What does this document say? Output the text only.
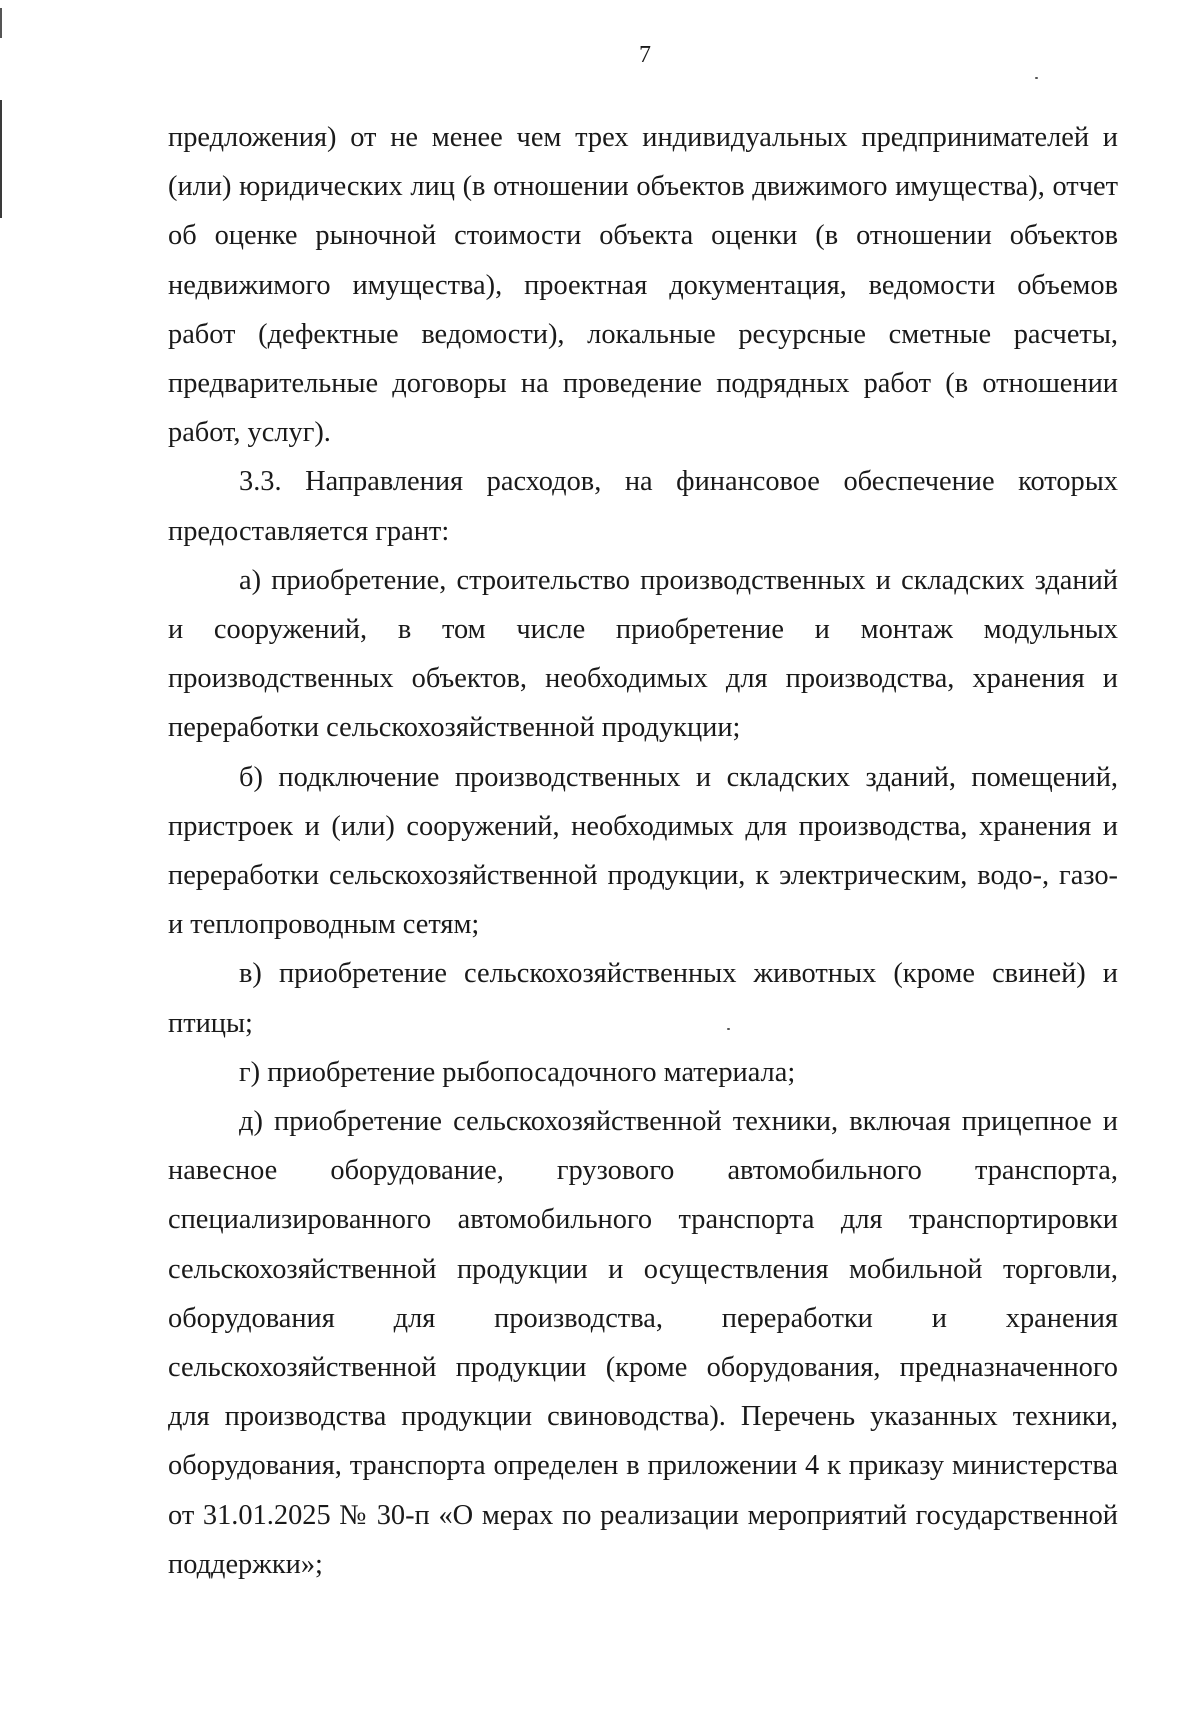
7

предложения) от не менее чем трех индивидуальных предпринимателей и (или) юридических лиц (в отношении объектов движимого имущества), отчет об оценке рыночной стоимости объекта оценки (в отношении объектов недвижимого имущества), проектная документация, ведомости объемов работ (дефектные ведомости), локальные ресурсные сметные расчеты, предварительные договоры на проведение подрядных работ (в отношении работ, услуг).

3.3. Направления расходов, на финансовое обеспечение которых предоставляется грант:

а) приобретение, строительство производственных и складских зданий и сооружений, в том числе приобретение и монтаж модульных производственных объектов, необходимых для производства, хранения и переработки сельскохозяйственной продукции;

б) подключение производственных и складских зданий, помещений, пристроек и (или) сооружений, необходимых для производства, хранения и переработки сельскохозяйственной продукции, к электрическим, водо-, газо- и теплопроводным сетям;

в) приобретение сельскохозяйственных животных (кроме свиней) и птицы;

г) приобретение рыбопосадочного материала;

д) приобретение сельскохозяйственной техники, включая прицепное и навесное оборудование, грузового автомобильного транспорта, специализированного автомобильного транспорта для транспортировки сельскохозяйственной продукции и осуществления мобильной торговли, оборудования для производства, переработки и хранения сельскохозяйственной продукции (кроме оборудования, предназначенного для производства продукции свиноводства). Перечень указанных техники, оборудования, транспорта определен в приложении 4 к приказу министерства от 31.01.2025 № 30-п «О мерах по реализации мероприятий государственной поддержки»;
